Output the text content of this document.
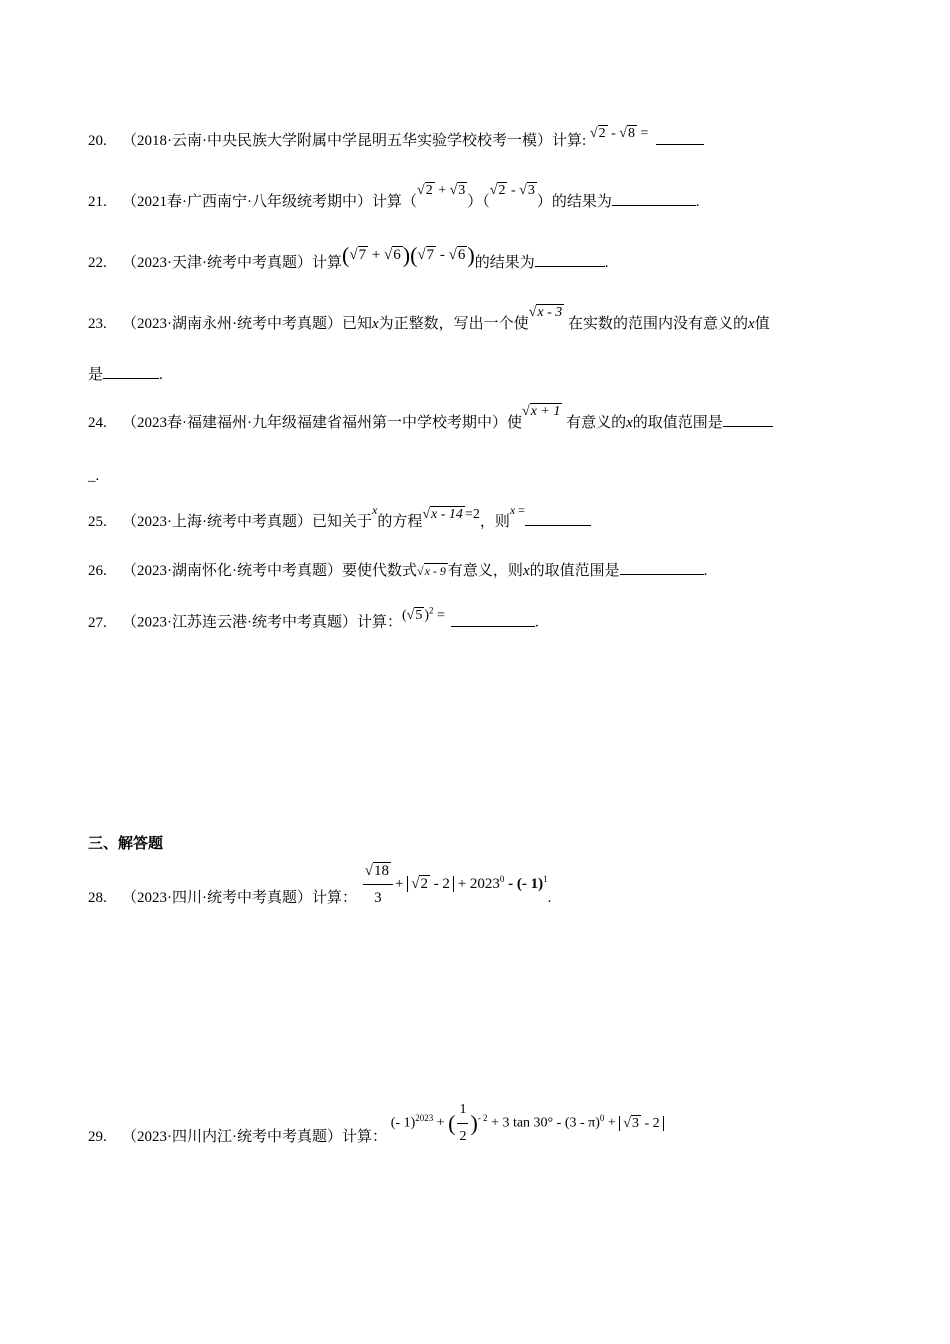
20. （2018·云南·中央民族大学附属中学昆明五华实验学校校考一模）计算: √2 - √8 =
21. （2021春·广西南宁·八年级统考期中）计算（√2 + √3）（√2 - √3）的结果为	.
22. （2023·天津·统考中考真题）计算(√7 + √6)(√7 - √6)的结果为	.
23. （2023·湖南永州·统考中考真题）已知x为正整数，写出一个使√x - 3 在实数的范围内没有意义的x值
是	.
24. （2023春·福建福州·九年级福建省福州第一中学校考期中）使√x + 1 有意义的x的取值范围是
_.
25. （2023·上海·统考中考真题）已知关于$^x$的方程√x - 14 =2，则$^{x =}$
26. （2023·湖南怀化·统考中考真题）要使代数式√x - 9 有意义，则x的取值范围是	.
27. （2023·江苏连云港·统考中考真题）计算：(√5 )$^2$ =	.
三、解答题
28. （2023·四川·统考中考真题）计算： $\frac{√18}{3} + √2 - 2 + 2023^0$ - (- 1)$^1$.
29. （2023·四川内江·统考中考真题）计算： (- 1)$^{2023}$ + ( $\frac{1}{2} )^{- 2} + 3$ tan 30° - (3 - π)$^0$ + √3 - 2
